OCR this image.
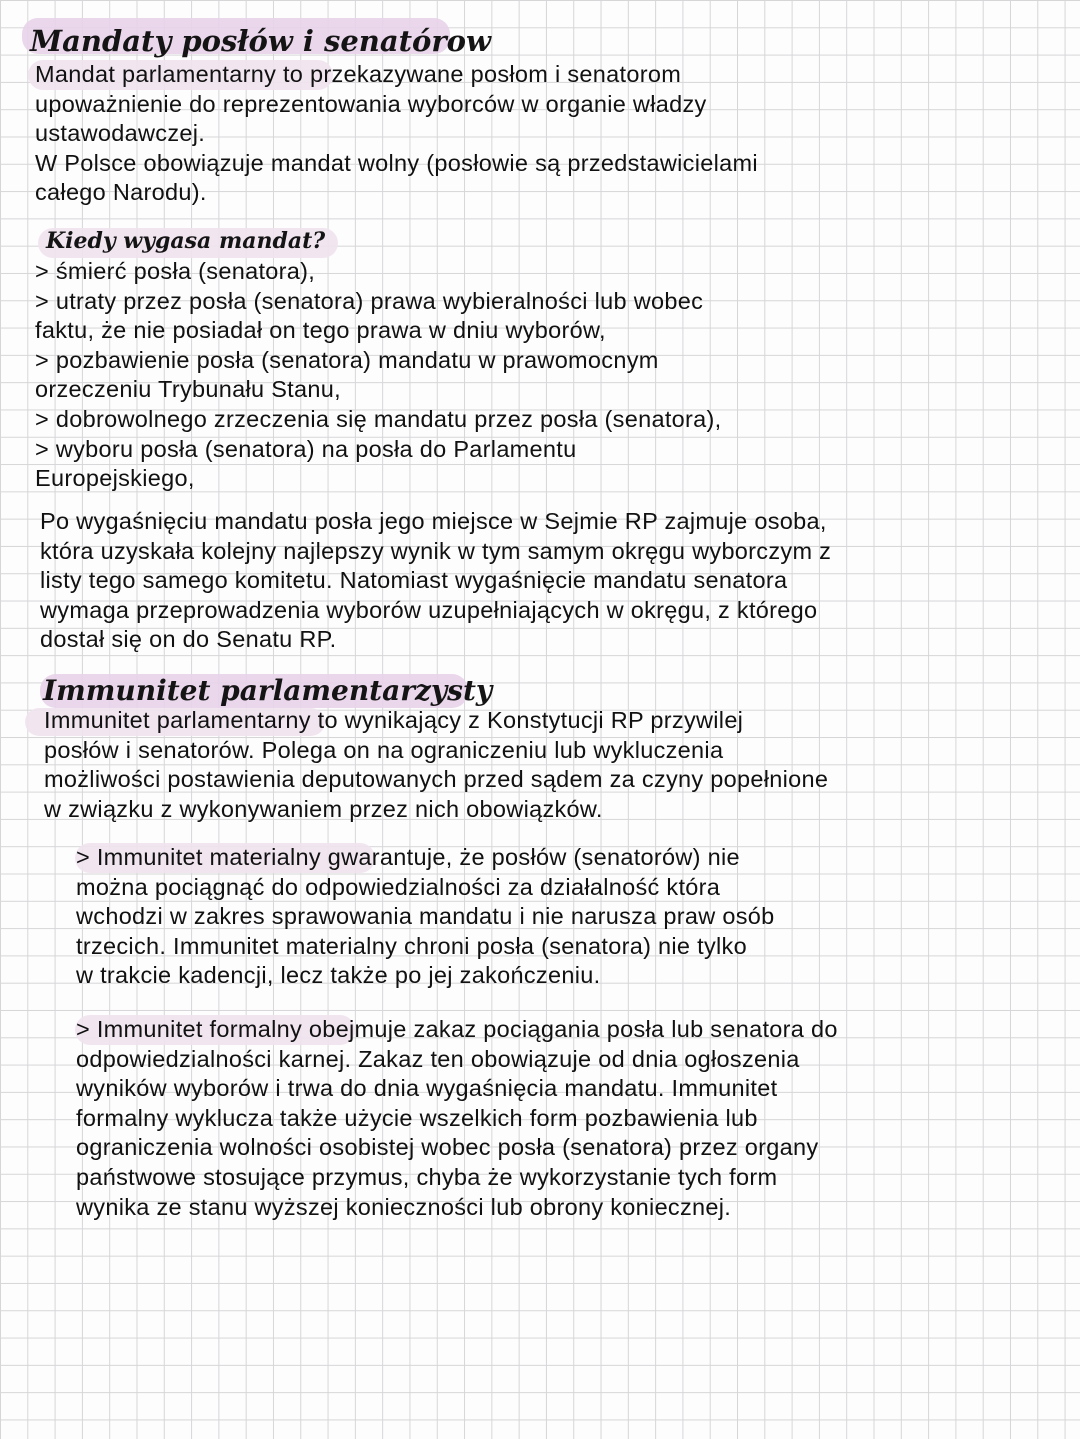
Mandaty posłów i senatórow
Mandat parlamentarny to przekazywane posłom i senatorom
upoważnienie do reprezentowania wyborców w organie władzy
ustawodawczej.
W Polsce obowiązuje mandat wolny (posłowie są przedstawicielami
całego Narodu).
Kiedy wygasa mandat?
> śmierć posła (senatora),
> utraty przez posła (senatora) prawa wybieralności lub wobec
faktu, że nie posiadał on tego prawa w dniu wyborów,
> pozbawienie posła (senatora) mandatu w prawomocnym
orzeczeniu Trybunału Stanu,
> dobrowolnego zrzeczenia się mandatu przez posła (senatora),
> wyboru posła (senatora) na posła do Parlamentu
Europejskiego,
Po wygaśnięciu mandatu posła jego miejsce w Sejmie RP zajmuje osoba,
która uzyskała kolejny najlepszy wynik w tym samym okręgu wyborczym z
listy tego samego komitetu. Natomiast wygaśnięcie mandatu senatora
wymaga przeprowadzenia wyborów uzupełniających w okręgu, z którego
dostał się on do Senatu RP.
Immunitet parlamentarzysty
Immunitet parlamentarny to wynikający z Konstytucji RP przywilej
posłów i senatorów. Polega on na ograniczeniu lub wykluczenia
możliwości postawienia deputowanych przed sądem za czyny popełnione
w związku z wykonywaniem przez nich obowiązków.
> Immunitet materialny gwarantuje, że posłów (senatorów) nie
można pociągnąć do odpowiedzialności za działalność która
wchodzi w zakres sprawowania mandatu i nie narusza praw osób
trzecich. Immunitet materialny chroni posła (senatora) nie tylko
w trakcie kadencji, lecz także po jej zakończeniu.
> Immunitet formalny obejmuje zakaz pociągania posła lub senatora do
odpowiedzialności karnej. Zakaz ten obowiązuje od dnia ogłoszenia
wyników wyborów i trwa do dnia wygaśnięcia mandatu. Immunitet
formalny wyklucza także użycie wszelkich form pozbawienia lub
ograniczenia wolności osobistej wobec posła (senatora) przez organy
państwowe stosujące przymus, chyba że wykorzystanie tych form
wynika ze stanu wyższej konieczności lub obrony koniecznej.
